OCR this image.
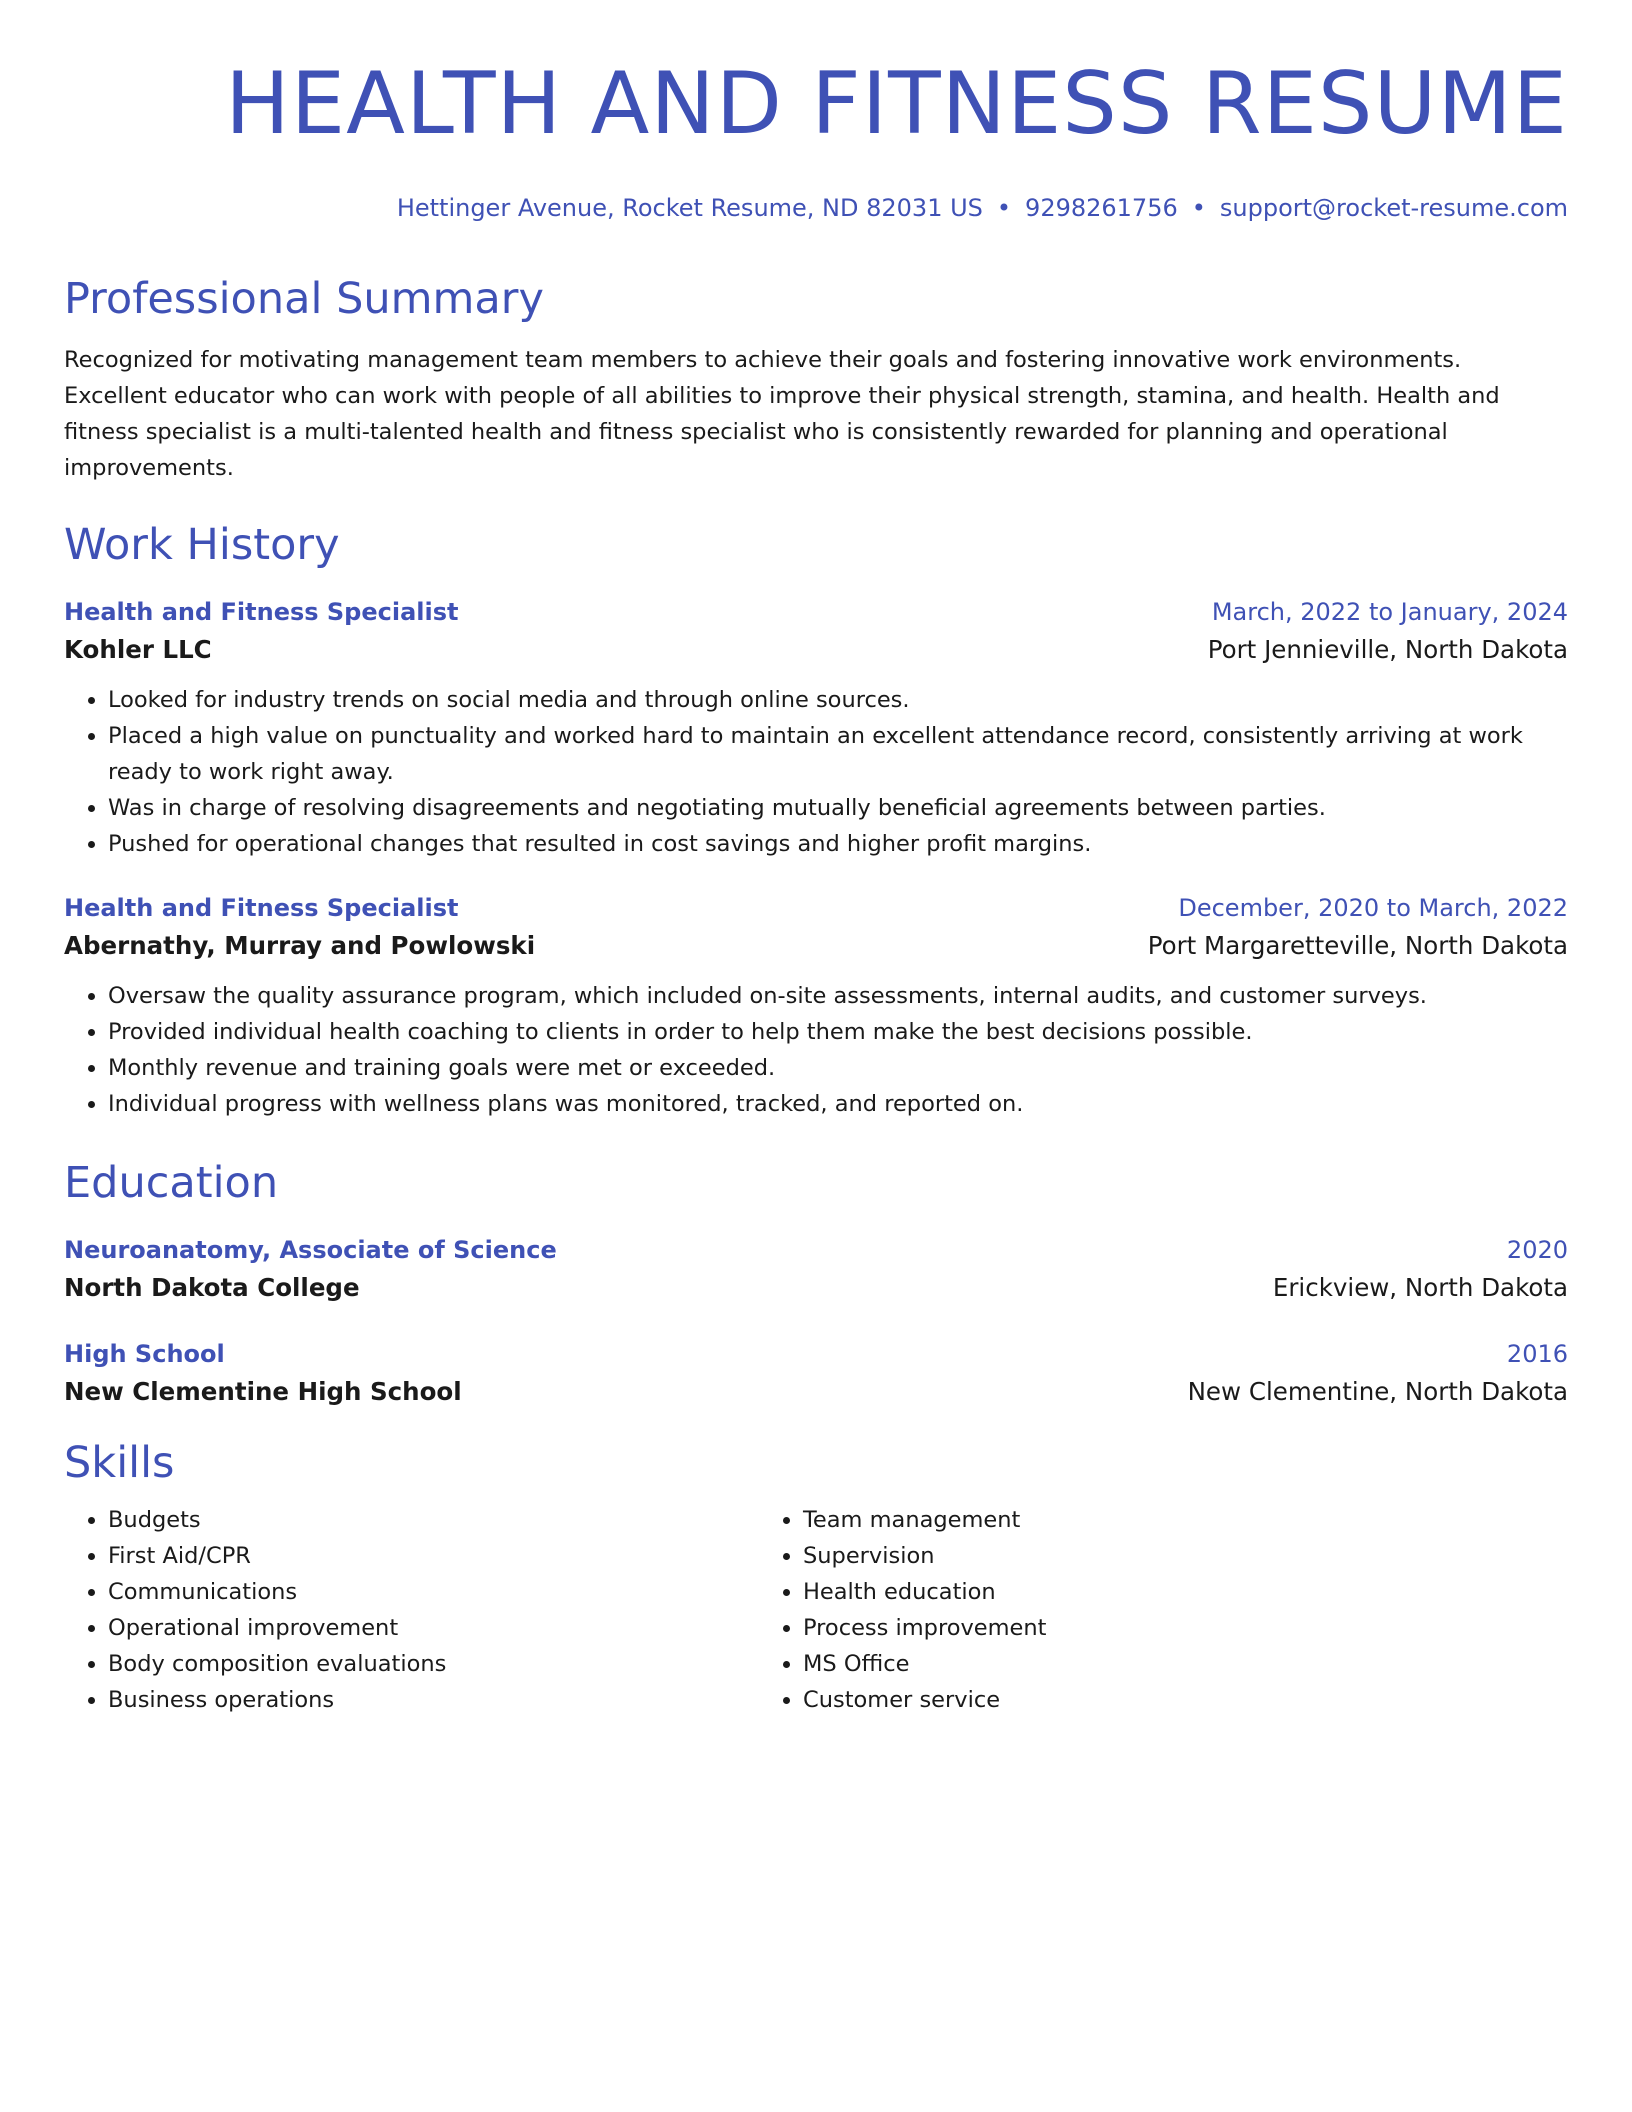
HEALTH AND FITNESS RESUME
Hettinger Avenue, Rocket Resume, ND 82031 US • 9298261756 • support@rocket-resume.com
Professional Summary
Recognized for motivating management team members to achieve their goals and fostering innovative work environments. Excellent educator who can work with people of all abilities to improve their physical strength, stamina, and health. Health and fitness specialist is a multi-talented health and fitness specialist who is consistently rewarded for planning and operational improvements.
Work History
Health and Fitness Specialist	March, 2022 to January, 2024
Kohler LLC	Port Jennieville, North Dakota
• Looked for industry trends on social media and through online sources.
• Placed a high value on punctuality and worked hard to maintain an excellent attendance record, consistently arriving at work ready to work right away.
• Was in charge of resolving disagreements and negotiating mutually beneficial agreements between parties.
• Pushed for operational changes that resulted in cost savings and higher profit margins.
Health and Fitness Specialist	December, 2020 to March, 2022
Abernathy, Murray and Powlowski	Port Margaretteville, North Dakota
• Oversaw the quality assurance program, which included on-site assessments, internal audits, and customer surveys.
• Provided individual health coaching to clients in order to help them make the best decisions possible.
• Monthly revenue and training goals were met or exceeded.
• Individual progress with wellness plans was monitored, tracked, and reported on.
Education
Neuroanatomy, Associate of Science	2020
North Dakota College	Erickview, North Dakota
High School	2016
New Clementine High School	New Clementine, North Dakota
Skills
• Budgets
• First Aid/CPR
• Communications
• Operational improvement
• Body composition evaluations
• Business operations
• Team management
• Supervision
• Health education
• Process improvement
• MS Office
• Customer service
